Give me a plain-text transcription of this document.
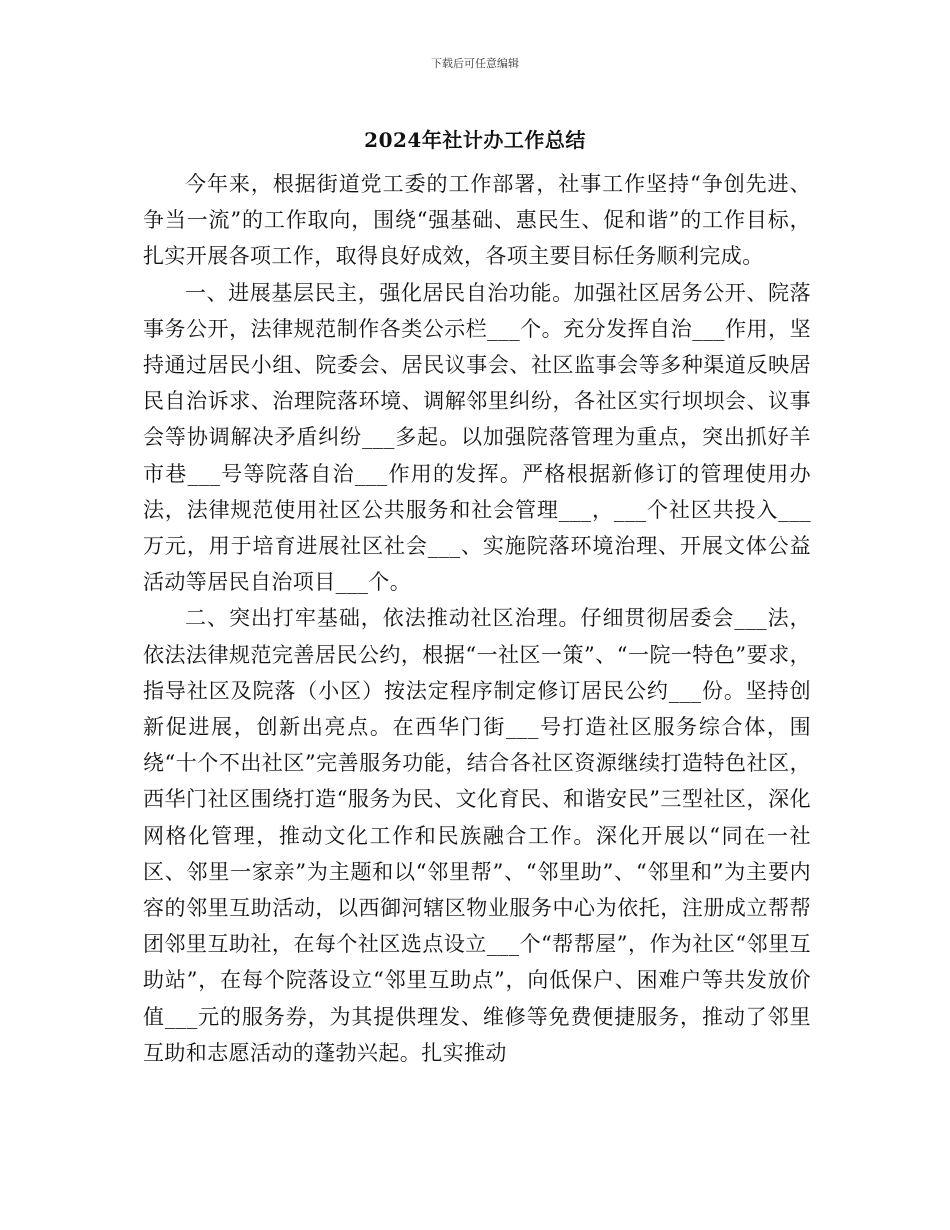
下载后可任意编辑
2024年社计办工作总结

今年来，根据街道党工委的工作部署，社事工作坚持“争创先进、争当一流”的工作取向，围绕“强基础、惠民生、促和谐”的工作目标，扎实开展各项工作，取得良好成效，各项主要目标任务顺利完成。

一、进展基层民主，强化居民自治功能。加强社区居务公开、院落事务公开，法律规范制作各类公示栏___个。充分发挥自治___作用，坚持通过居民小组、院委会、居民议事会、社区监事会等多种渠道反映居民自治诉求、治理院落环境、调解邻里纠纷，各社区实行坝坝会、议事会等协调解决矛盾纠纷___多起。以加强院落管理为重点，突出抓好羊市巷___号等院落自治___作用的发挥。严格根据新修订的管理使用办法，法律规范使用社区公共服务和社会管理___，___个社区共投入___万元，用于培育进展社区社会___、实施院落环境治理、开展文体公益活动等居民自治项目___个。

二、突出打牢基础，依法推动社区治理。仔细贯彻居委会___法，依法法律规范完善居民公约，根据“一社区一策”、“一院一特色”要求，指导社区及院落（小区）按法定程序制定修订居民公约___份。坚持创新促进展，创新出亮点。在西华门街___号打造社区服务综合体，围绕“十个不出社区”完善服务功能，结合各社区资源继续打造特色社区，西华门社区围绕打造“服务为民、文化育民、和谐安民”三型社区，深化网格化管理，推动文化工作和民族融合工作。深化开展以“同在一社区、邻里一家亲”为主题和以“邻里帮”、“邻里助”、“邻里和”为主要内容的邻里互助活动，以西御河辖区物业服务中心为依托，注册成立帮帮团邻里互助社，在每个社区选点设立___个“帮帮屋”，作为社区“邻里互助站”，在每个院落设立“邻里互助点”，向低保户、困难户等共发放价值___元的服务券，为其提供理发、维修等免费便捷服务，推动了邻里互助和志愿活动的蓬勃兴起。扎实推动
